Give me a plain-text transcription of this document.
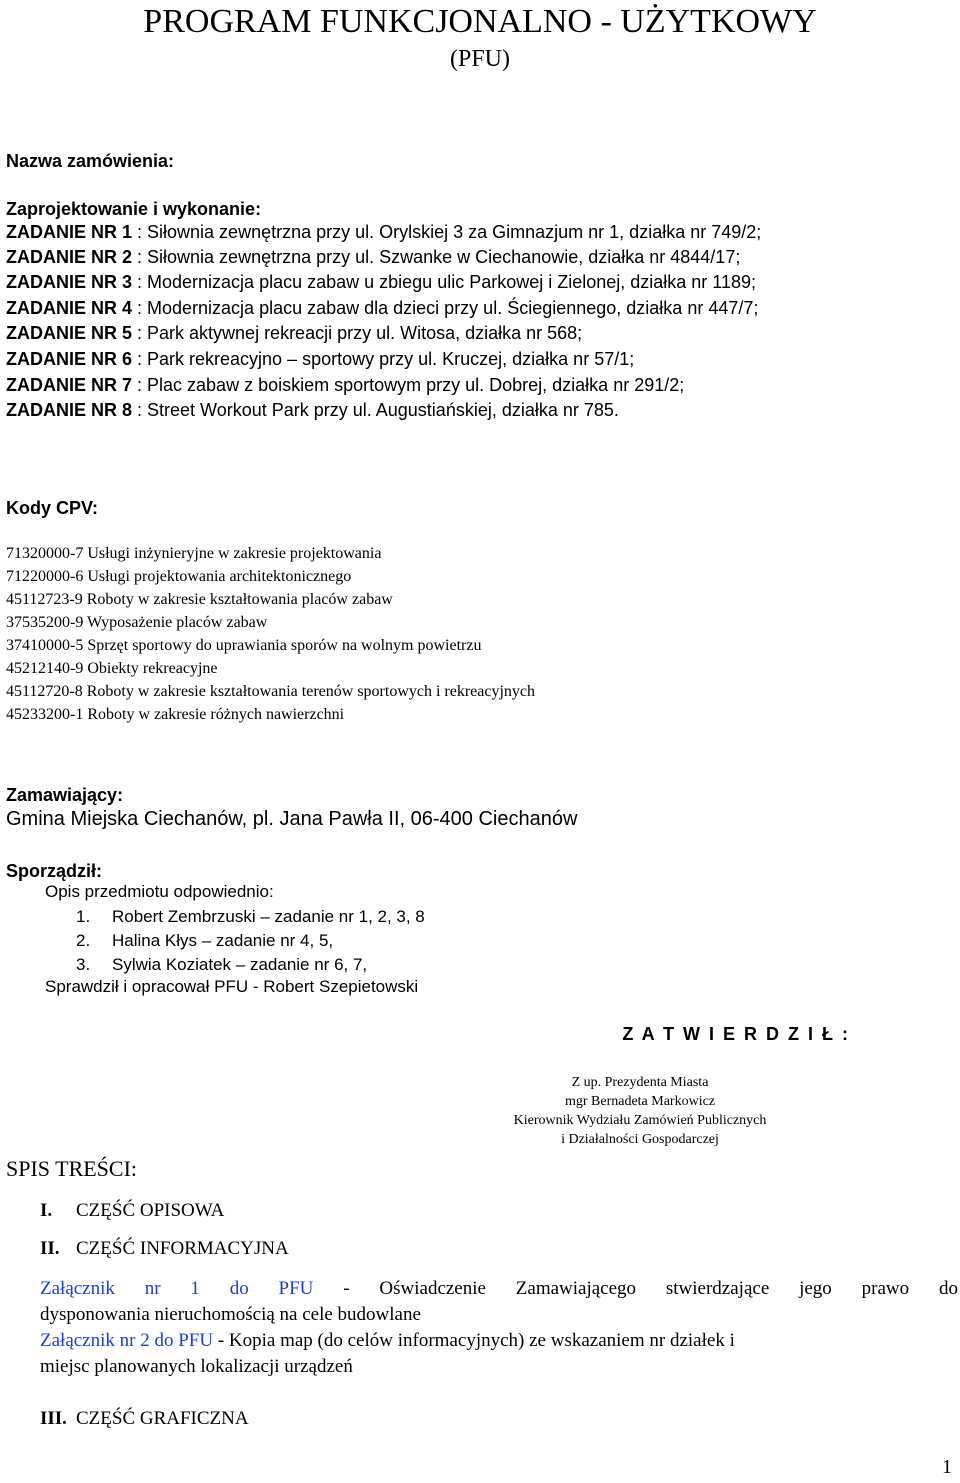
PROGRAM FUNKCJONALNO - UŻYTKOWY
(PFU)
Nazwa zamówienia:
Zaprojektowanie i wykonanie:
ZADANIE NR 1 : Siłownia zewnętrzna przy ul. Orylskiej 3 za Gimnazjum nr 1, działka nr 749/2;
ZADANIE NR 2 : Siłownia zewnętrzna przy ul. Szwanke w Ciechanowie, działka nr 4844/17;
ZADANIE NR 3 : Modernizacja placu zabaw u zbiegu ulic Parkowej i Zielonej, działka nr 1189;
ZADANIE NR 4 : Modernizacja placu zabaw dla dzieci przy ul. Ściegiennego, działka nr 447/7;
ZADANIE NR 5 : Park aktywnej rekreacji przy ul. Witosa, działka nr 568;
ZADANIE NR 6 : Park rekreacyjno – sportowy przy ul. Kruczej, działka nr 57/1;
ZADANIE NR 7 : Plac zabaw z boiskiem sportowym przy ul. Dobrej, działka nr 291/2;
ZADANIE NR 8 : Street Workout Park przy ul. Augustiańskiej, działka nr 785.
Kody CPV:
71320000-7 Usługi inżynieryjne w zakresie projektowania
71220000-6 Usługi projektowania architektonicznego
45112723-9 Roboty w zakresie kształtowania placów zabaw
37535200-9 Wyposażenie placów zabaw
37410000-5 Sprzęt sportowy do uprawiania sporów na wolnym powietrzu
45212140-9 Obiekty rekreacyjne
45112720-8 Roboty w zakresie kształtowania terenów sportowych i rekreacyjnych
45233200-1 Roboty w zakresie różnych nawierzchni
Zamawiający:
Gmina Miejska Ciechanów, pl. Jana Pawła II, 06-400 Ciechanów
Sporządził:
Opis przedmiotu odpowiednio:
1. Robert Zembrzuski – zadanie nr 1, 2, 3, 8
2. Halina Kłys – zadanie nr 4, 5,
3. Sylwia Koziatek – zadanie nr 6, 7,
Sprawdził i opracował PFU - Robert Szepietowski
Z A T W I E R D Z I Ł :
Z up. Prezydenta Miasta
mgr Bernadeta Markowicz
Kierownik Wydziału Zamówień Publicznych
i Działalności Gospodarczej
SPIS TREŚCI:
I. CZĘŚĆ OPISOWA
II. CZĘŚĆ INFORMACYJNA
Załącznik nr 1 do PFU - Oświadczenie Zamawiającego stwierdzające jego prawo do
dysponowania nieruchomością na cele budowlane
Załącznik nr 2 do PFU - Kopia map (do celów informacyjnych) ze wskazaniem nr działek i
miejsc planowanych lokalizacji urządzeń
III. CZĘŚĆ GRAFICZNA
1
